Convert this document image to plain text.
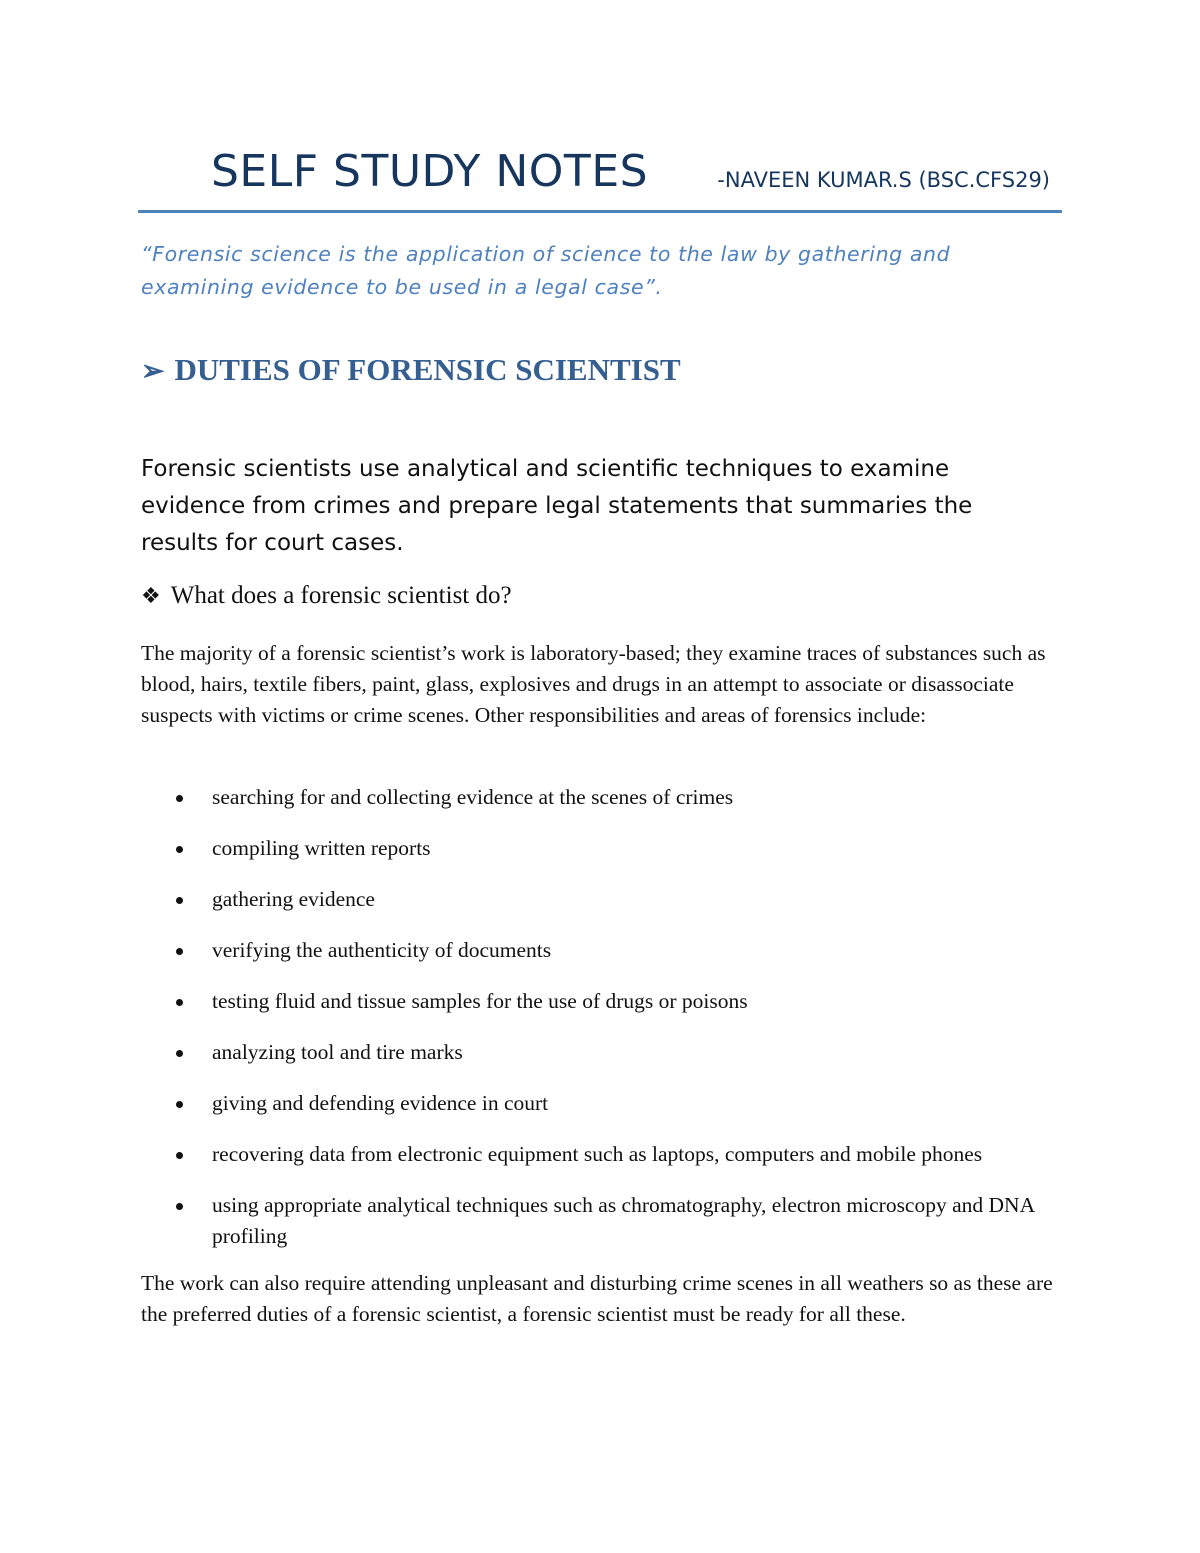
SELF STUDY NOTES	-NAVEEN KUMAR.S (BSC.CFS29)
“Forensic science is the application of science to the law by gathering and examining evidence to be used in a legal case”.
➢ DUTIES OF FORENSIC SCIENTIST
Forensic scientists use analytical and scientific techniques to examine evidence from crimes and prepare legal statements that summaries the results for court cases.
❖ What does a forensic scientist do?
The majority of a forensic scientist’s work is laboratory-based; they examine traces of substances such as blood, hairs, textile fibers, paint, glass, explosives and drugs in an attempt to associate or disassociate suspects with victims or crime scenes. Other responsibilities and areas of forensics include:
searching for and collecting evidence at the scenes of crimes
compiling written reports
gathering evidence
verifying the authenticity of documents
testing fluid and tissue samples for the use of drugs or poisons
analyzing tool and tire marks
giving and defending evidence in court
recovering data from electronic equipment such as laptops, computers and mobile phones
using appropriate analytical techniques such as chromatography, electron microscopy and DNA profiling
The work can also require attending unpleasant and disturbing crime scenes in all weathers so as these are the preferred duties of a forensic scientist, a forensic scientist must be ready for all these.
